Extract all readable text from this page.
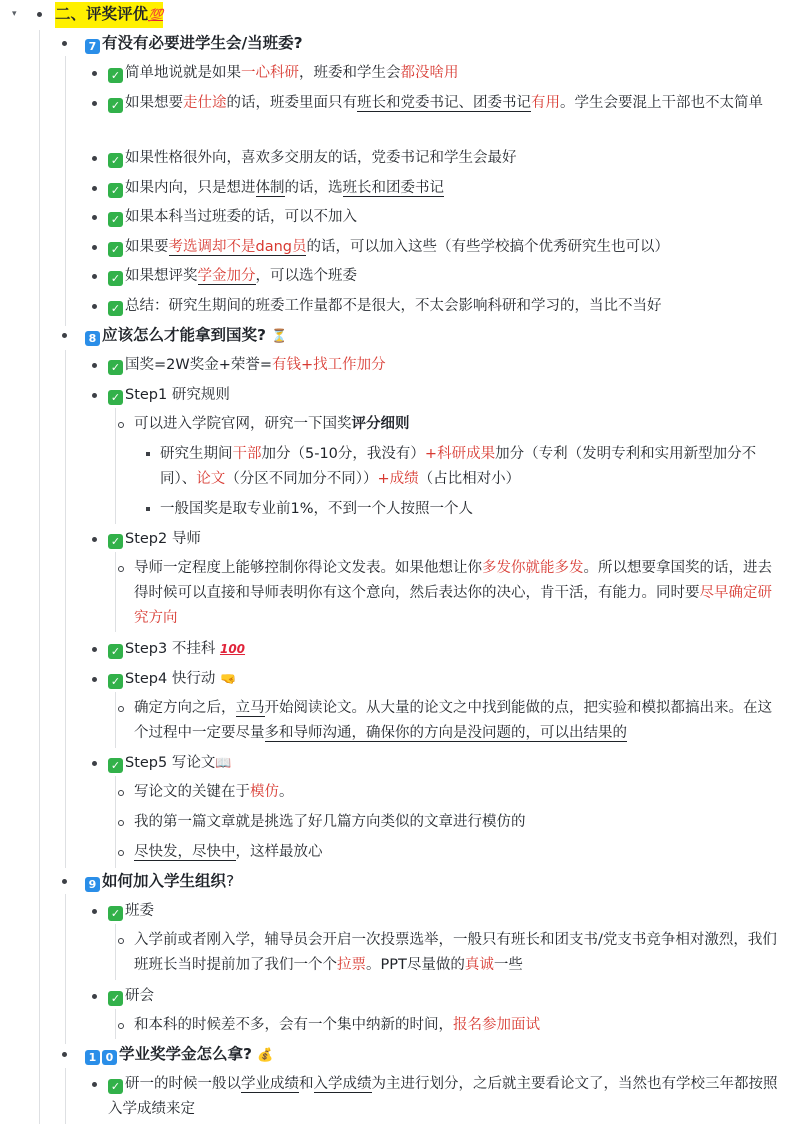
▾ 二、评奖评优💯
7 有没有必要进学生会/当班委?
✓ 简单地说就是如果一心科研，班委和学生会都没啥用
✓ 如果想要走仕途的话，班委里面只有班长和党委书记、团委书记有用。学生会要混上干部也不太简单
✓ 如果性格很外向，喜欢多交朋友的话，党委书记和学生会最好
✓ 如果内向，只是想进体制的话，选班长和团委书记
✓ 如果本科当过班委的话，可以不加入
✓ 如果要考选调却不是dang员的话，可以加入这些（有些学校搞个优秀研究生也可以）
✓ 如果想评奖学金加分，可以选个班委
✓ 总结：研究生期间的班委工作量都不是很大，不太会影响科研和学习的，当比不当好
8 应该怎么才能拿到国奖? ⏳
✓ 国奖=2W奖金+荣誉=有钱+找工作加分
✓ Step1 研究规则
可以进入学院官网，研究一下国奖评分细则
研究生期间干部加分（5-10分，我没有）+科研成果加分（专利（发明专利和实用新型加分不同）、论文（分区不同加分不同））+成绩（占比相对小）
一般国奖是取专业前1%，不到一个人按照一个人
✓ Step2 导师
导师一定程度上能够控制你得论文发表。如果他想让你多发你就能多发。所以想要拿国奖的话，进去得时候可以直接和导师表明你有这个意向，然后表达你的决心，肯干活，有能力。同时要尽早确定研究方向
✓ Step3 不挂科 100
✓ Step4 快行动 🤜
确定方向之后，立马开始阅读论文。从大量的论文之中找到能做的点，把实验和模拟都搞出来。在这个过程中一定要尽量多和导师沟通，确保你的方向是没问题的，可以出结果的
✓ Step5 写论文📖
写论文的关键在于模仿。
我的第一篇文章就是挑选了好几篇方向类似的文章进行模仿的
尽快发，尽快中，这样最放心
9 如何加入学生组织?
✓ 班委
入学前或者刚入学，辅导员会开启一次投票选举，一般只有班长和团支书/党支书竞争相对激烈，我们班班长当时提前加了我们一个个拉票。PPT尽量做的真诚一些
✓ 研会
和本科的时候差不多，会有一个集中纳新的时间，报名参加面试
1 0 学业奖学金怎么拿? 💰
✓ 研一的时候一般以学业成绩和入学成绩为主进行划分，之后就主要看论文了，当然也有学校三年都按照入学成绩来定
